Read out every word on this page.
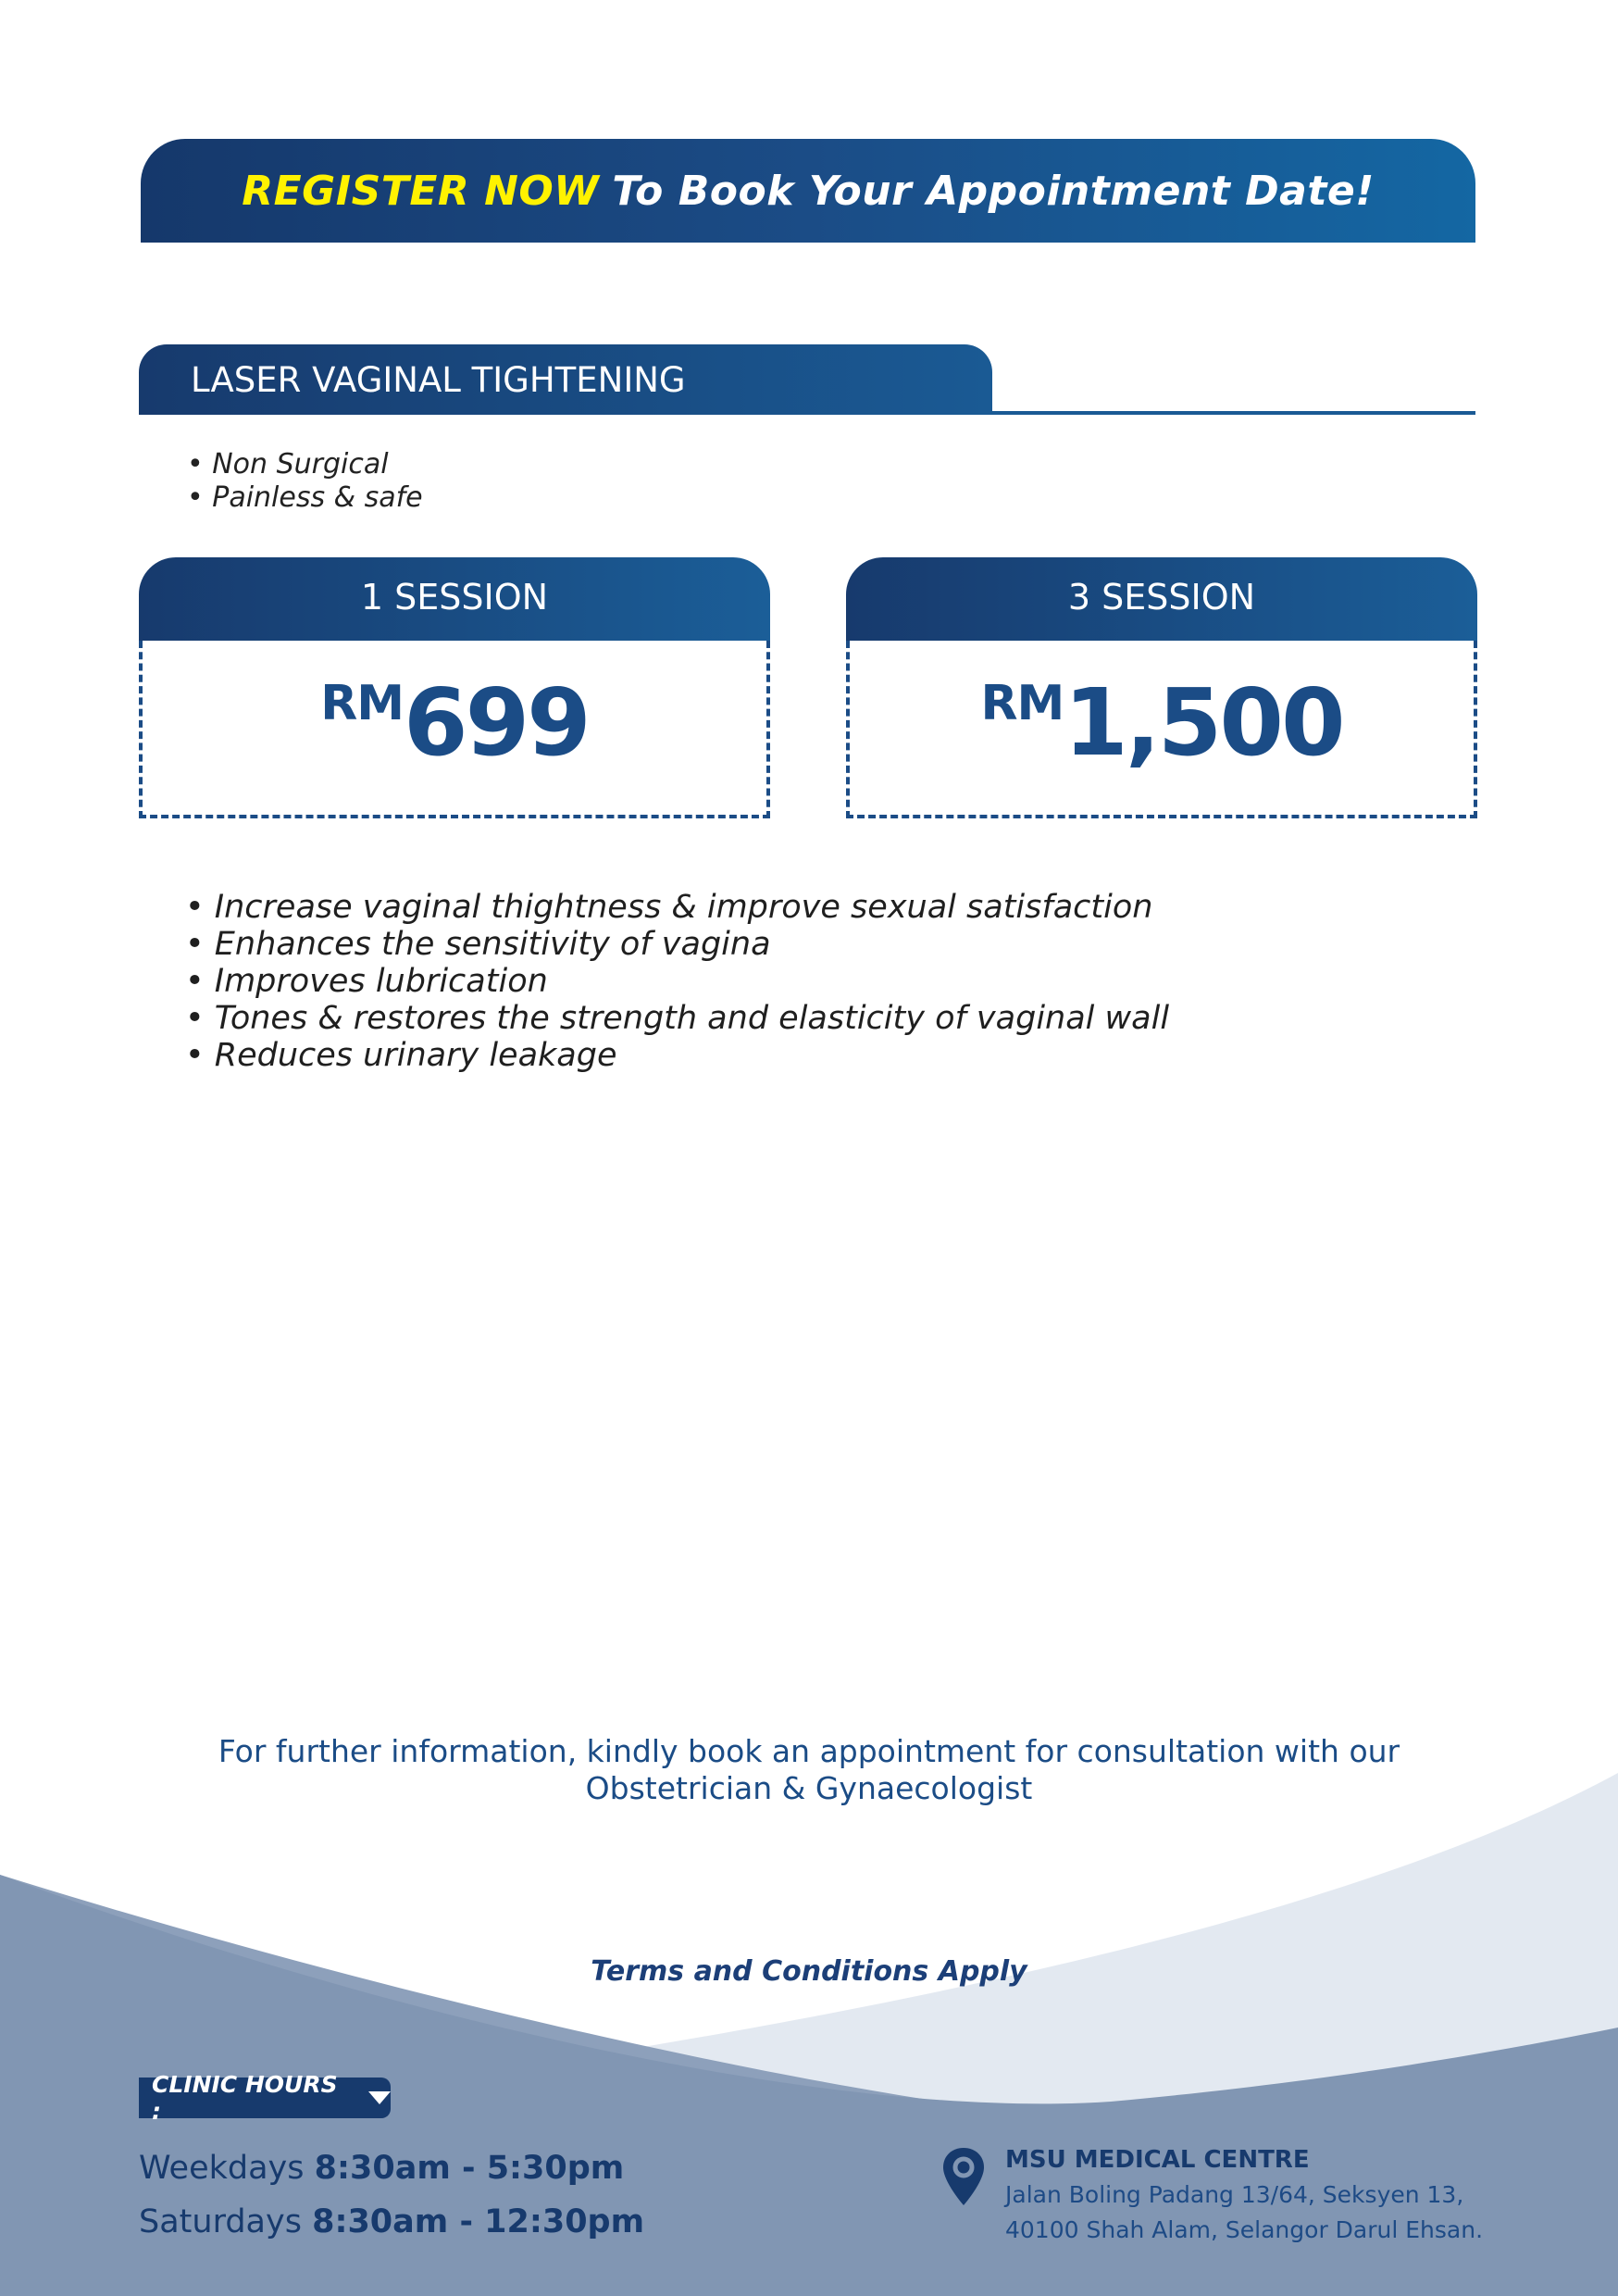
REGISTER NOW To Book Your Appointment Date!
LASER VAGINAL TIGHTENING
• Non Surgical
• Painless & safe
1 SESSION
RM699
3 SESSION
RM1,500
• Increase vaginal thightness & improve sexual satisfaction
• Enhances the sensitivity of vagina
• Improves lubrication
• Tones & restores the strength and elasticity of vaginal wall
• Reduces urinary leakage
For further information, kindly book an appointment for consultation with our
Obstetrician & Gynaecologist
Terms and Conditions Apply
CLINIC HOURS :
Weekdays 8:30am - 5:30pm
Saturdays 8:30am - 12:30pm
MSU MEDICAL CENTRE
Jalan Boling Padang 13/64, Seksyen 13,
40100 Shah Alam, Selangor Darul Ehsan.
